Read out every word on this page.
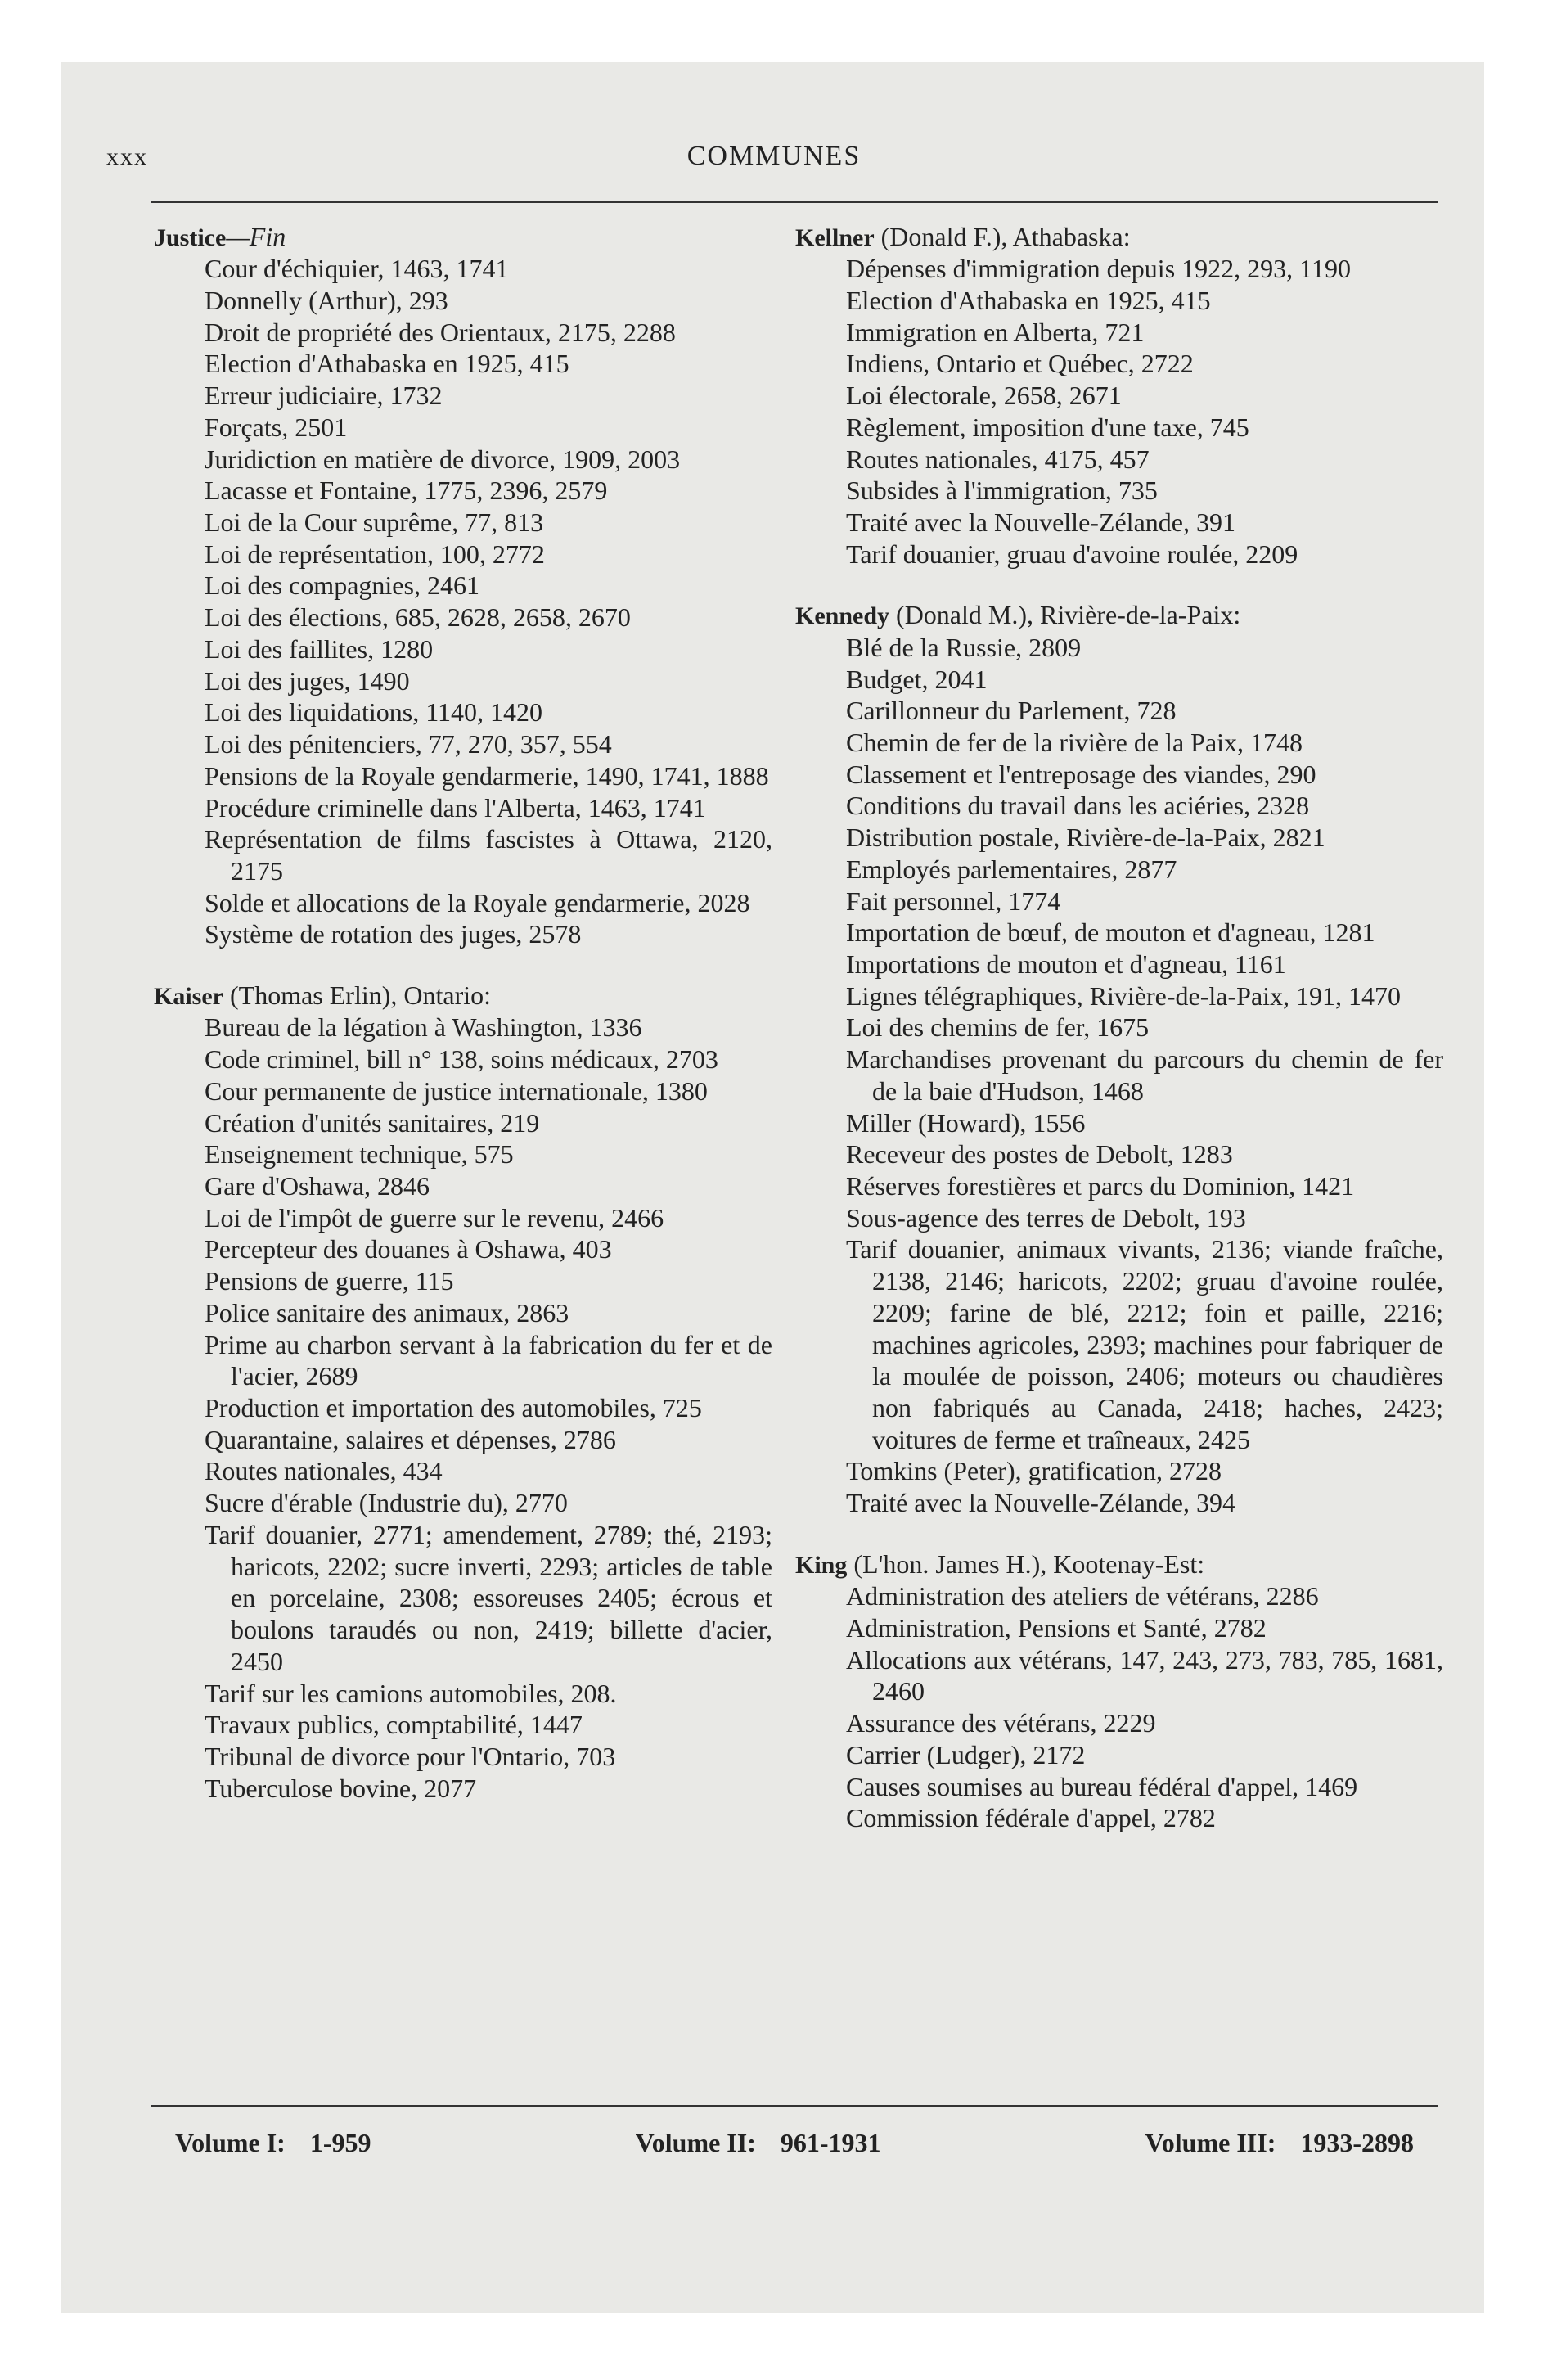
xxx	COMMUNES
Justice—Fin
Cour d'échiquier, 1463, 1741
Donnelly (Arthur), 293
Droit de propriété des Orientaux, 2175, 2288
Election d'Athabaska en 1925, 415
Erreur judiciaire, 1732
Forçats, 2501
Juridiction en matière de divorce, 1909, 2003
Lacasse et Fontaine, 1775, 2396, 2579
Loi de la Cour suprême, 77, 813
Loi de représentation, 100, 2772
Loi des compagnies, 2461
Loi des élections, 685, 2628, 2658, 2670
Loi des faillites, 1280
Loi des juges, 1490
Loi des liquidations, 1140, 1420
Loi des pénitenciers, 77, 270, 357, 554
Pensions de la Royale gendarmerie, 1490, 1741, 1888
Procédure criminelle dans l'Alberta, 1463, 1741
Représentation de films fascistes à Ottawa, 2120, 2175
Solde et allocations de la Royale gendarmerie, 2028
Système de rotation des juges, 2578
Kaiser (Thomas Erlin), Ontario:
Bureau de la légation à Washington, 1336
Code criminel, bill n° 138, soins médicaux, 2703
Cour permanente de justice internationale, 1380
Création d'unités sanitaires, 219
Enseignement technique, 575
Gare d'Oshawa, 2846
Loi de l'impôt de guerre sur le revenu, 2466
Percepteur des douanes à Oshawa, 403
Pensions de guerre, 115
Police sanitaire des animaux, 2863
Prime au charbon servant à la fabrication du fer et de l'acier, 2689
Production et importation des automobiles, 725
Quarantaine, salaires et dépenses, 2786
Routes nationales, 434
Sucre d'érable (Industrie du), 2770
Tarif douanier, 2771; amendement, 2789; thé, 2193; haricots, 2202; sucre inverti, 2293; articles de table en porcelaine, 2308; essoreuses 2405; écrous et boulons taraudés ou non, 2419; billette d'acier, 2450
Tarif sur les camions automobiles, 208.
Travaux publics, comptabilité, 1447
Tribunal de divorce pour l'Ontario, 703
Tuberculose bovine, 2077
Kellner (Donald F.), Athabaska:
Dépenses d'immigration depuis 1922, 293, 1190
Election d'Athabaska en 1925, 415
Immigration en Alberta, 721
Indiens, Ontario et Québec, 2722
Loi électorale, 2658, 2671
Règlement, imposition d'une taxe, 745
Routes nationales, 4175, 457
Subsides à l'immigration, 735
Traité avec la Nouvelle-Zélande, 391
Tarif douanier, gruau d'avoine roulée, 2209
Kennedy (Donald M.), Rivière-de-la-Paix:
Blé de la Russie, 2809
Budget, 2041
Carillonneur du Parlement, 728
Chemin de fer de la rivière de la Paix, 1748
Classement et l'entreposage des viandes, 290
Conditions du travail dans les aciéries, 2328
Distribution postale, Rivière-de-la-Paix, 2821
Employés parlementaires, 2877
Fait personnel, 1774
Importation de bœuf, de mouton et d'agneau, 1281
Importations de mouton et d'agneau, 1161
Lignes télégraphiques, Rivière-de-la-Paix, 191, 1470
Loi des chemins de fer, 1675
Marchandises provenant du parcours du chemin de fer de la baie d'Hudson, 1468
Miller (Howard), 1556
Receveur des postes de Debolt, 1283
Réserves forestières et parcs du Dominion, 1421
Sous-agence des terres de Debolt, 193
Tarif douanier, animaux vivants, 2136; viande fraîche, 2138, 2146; haricots, 2202; gruau d'avoine roulée, 2209; farine de blé, 2212; foin et paille, 2216; machines agricoles, 2393; machines pour fabriquer de la moulée de poisson, 2406; moteurs ou chaudières non fabriqués au Canada, 2418; haches, 2423; voitures de ferme et traîneaux, 2425
Tomkins (Peter), gratification, 2728
Traité avec la Nouvelle-Zélande, 394
King (L'hon. James H.), Kootenay-Est:
Administration des ateliers de vétérans, 2286
Administration, Pensions et Santé, 2782
Allocations aux vétérans, 147, 243, 273, 783, 785, 1681, 2460
Assurance des vétérans, 2229
Carrier (Ludger), 2172
Causes soumises au bureau fédéral d'appel, 1469
Commission fédérale d'appel, 2782
Volume I: 1-959	Volume II: 961-1931	Volume III: 1933-2898
